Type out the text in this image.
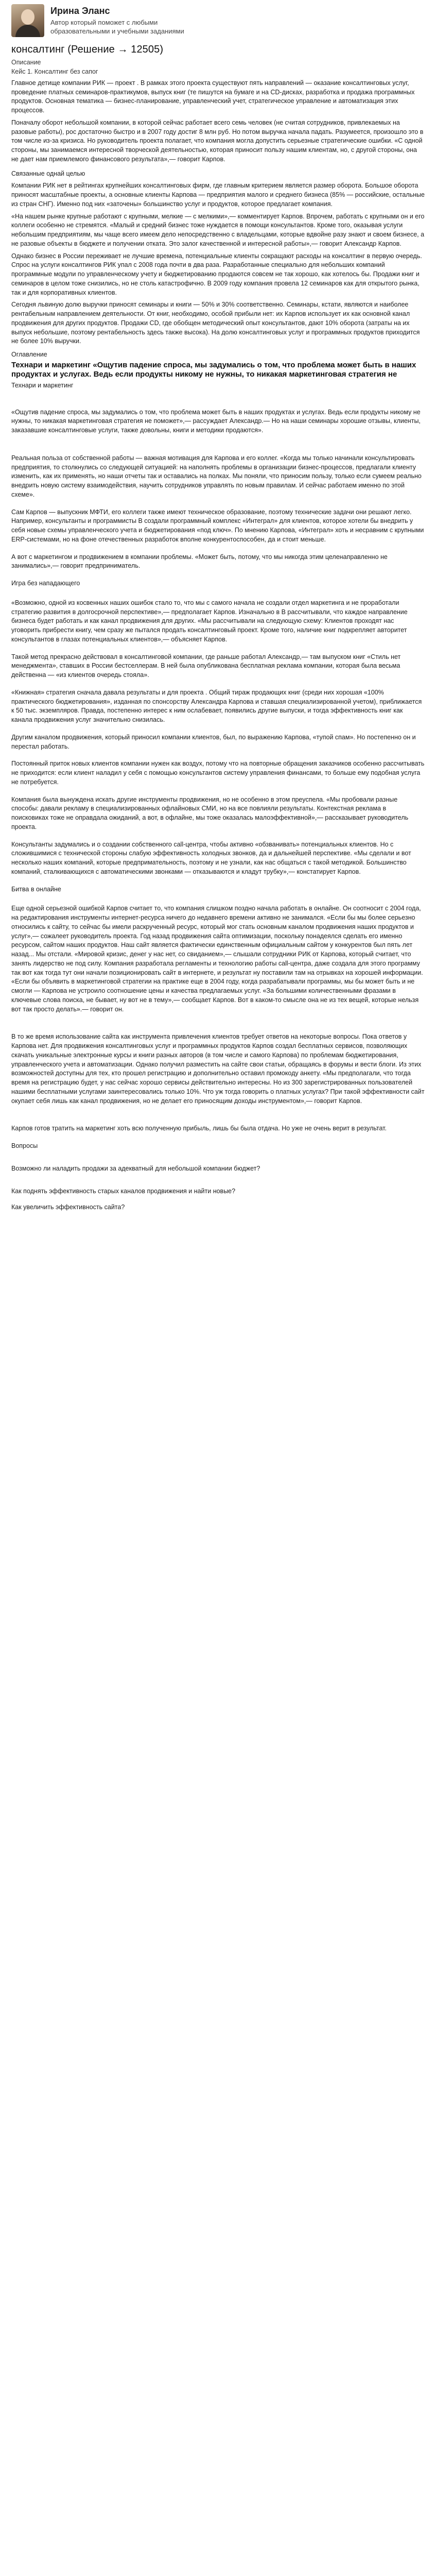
Ирина Эланс
Автор который поможет с любыми образовательными и учебными заданиями
консалтинг (Решение → 12505)
Описание
Кейс 1. Консалтинг без сапог

Главное детище компании РИК — проект . В рамках этого проекта существуют пять направлений — оказание консалтинговых услуг, проведение платных семинаров-практикумов, выпуск книг (те пишутся на бумаге и на CD-дисках, разработка и продажа программных продуктов. Основная тематика — бизнес-планирование, управленческий учет, стратегическое управление и автоматизация этих процессов.

Поначалу оборот небольшой компании, в которой сейчас работает всего семь человек (не считая сотрудников, привлекаемых на разовые работы), рос достаточно быстро и в 2007 году достиг 8 млн руб. Но потом выручка начала падать. Разумеется, произошло это в том числе из-за кризиса. Но руководитель проекта полагает, что компания могла допустить серьезные стратегические ошибки. «С одной стороны, мы занимаемся интересной творческой деятельностью, которая приносит пользу нашим клиентам, но, с другой стороны, она не дает нам приемлемого финансового результата»,— говорит Карпов.

Связанные однай целью

Компании РИК нет в рейтингах крупнейших консалтинговых фирм, где главным критерием является размер оборота. Большое оборота приносят масштабные проекты, а основные клиенты Карпова — предприятия малого и среднего бизнеса (85% — российские, остальные из стран СНГ). Именно под них «заточены» большинство услуг и продуктов, которое предлагает компания.

«На нашем рынке крупные работают с крупными, мелкие — с мелкими»,— комментирует Карпов. Впрочем, работать с крупными он и его коллеги особенно не стремятся. «Малый и средний бизнес тоже нуждается в помощи консультантов. Кроме того, оказывая услуги небольшим предприятиям, мы чаще всего имеем дело непосредственно с владельцами, которые вдвойне разу знают и своем бизнесе, а не разовые объекты в бюджете и получении отката. Это залог качественной и интересной работы»,— говорит Александр Карпов.

Однако бизнес в России переживает не лучшие времена, потенциальные клиенты сокращают расходы на консалтинг в первую очередь. Спрос на услуги консалтингов РИК упал с 2008 года почти в два раза. Разработанные специально для небольших компаний программные модули по управленческому учету и бюджетированию продаются совсем не так хорошо, как хотелось бы. Продажи книг и семинаров в целом тоже снизились, но не столь катастрофично. В 2009 году компания провела 12 семинаров как для открытого рынка, так и для корпоративных клиентов.

Сегодня львиную долю выручки приносят семинары и книги — 50% и 30% соответственно. Семинары, кстати, являются и наиболее рентабельным направлением деятельности. От книг, необходимо, особой прибыли нет: их Карпов использует их как основной канал продвижения для других продуктов. Продажи CD, где обобщен методический опыт консультантов, дают 10% оборота (затраты на их выпуск небольшие, поэтому рентабельность здесь также высока). На долю консалтинговых услуг и программных продуктов приходится не более 10% выручки.

Оглавление
Технари и маркетинг «Ощутив падение спроса, мы задумались о том, что проблема может быть в наших продуктах и услугах. Ведь если продукты никому не нужны, то никакая маркетинговая стратегия не
Технари и маркетинг

«Ощутив падение спроса, мы задумались о том, что проблема может быть в наших продуктах и услугах. Ведь если продукты никому не нужны, то никакая маркетинговая стратегия не поможет»,— рассуждает Александр.— Но на наши семинары хорошие отзывы, клиенты, заказавшие консалтинговые услуги, также довольны, книги и методики продаются».

Реальная польза от собственной работы — важная мотивация для Карпова и его коллег. «Когда мы только начинали консультировать предприятия, то столкнулись со следующей ситуацией: на наполнять проблемы в организации бизнес-процессов, предлагали клиенту изменить, как их применять, но наши отчеты так и оставались на полках. Мы поняли, что приносим пользу, только если сумеем реально внедрить новую систему взаимодействия, научить сотрудников управлять по новым правилам. И сейчас работаем именно по этой схеме».

Сам Карпов — выпускник МФТИ, его коллеги также имеют техническое образование, поэтому технические задачи они решают легко. Например, консультанты и программисты В создали программный комплекс «Интеграл» для клиентов, которое хотели бы внедрить у себя новые схемы управленческого учета и бюджетирования «под ключ». По мнению Карпова, «Интеграл» хоть и несравним с крупными ERP-системами, но на фоне отечественных разработок вполне конкурентоспособен, да и стоит меньше.

А вот с маркетингом и продвижением в компании проблемы. «Может быть, потому, что мы никогда этим целенаправленно не занимались»,— говорит предприниматель.

Игра без нападающего

«Возможно, одной из косвенных наших ошибок стало то, что мы с самого начала не создали отдел маркетинга и не проработали стратегию развития в долгосрочной перспективе»,— предполагает Карпов. Изначально в В рассчитывали, что каждое направление бизнеса будет работать и как канал продвижения для других. «Мы рассчитывали на следующую схему: Клиентов проходят нас уговорить прибрести книгу, чем сразу же пытался продать консалтинговый проект. Кроме того, наличие книг подкрепляет авторитет консультантов в глазах потенциальных клиентов»,— объясняет Карпов.

Такой метод прекрасно действовал в консалтинговой компании, где раньше работал Александр,— там выпуском книг «Стиль нет менеджмента», ставших в России бестселлерам. В ней была опубликована бесплатная реклама компании, которая была весьма действенна — «из клиентов очередь стояла».

«Книжная» стратегия сначала давала результаты и для проекта . Общий тираж продающих книг (среди них хорошая «100% практического бюджетирования», изданная по спонсорству Александра Карпова и ставшая специализированной учетом), приближается к 50 тыс. экземпляров. Правда, постепенно интерес к ним ослабевает, появились другие выпуски, и тогда эффективность книг как канала продвижения услуг значительно снизилась.

Другим каналом продвижения, который приносил компании клиентов, был, по выражению Карпова, «тупой спам». Но постепенно он и перестал работать.

Постоянный приток новых клиентов компании нужен как воздух, потому что на повторные обращения заказчиков особенно рассчитывать не приходится: если клиент наладил у себя с помощью консультантов систему управления финансами, то больше ему подобная услуга не потребуется.

Компания была вынуждена искать другие инструменты продвижения, но не особенно в этом преуспела. «Мы пробовали разные способы: давали рекламу в специализированных офлайновых СМИ, но на все повлияли результаты. Контекстная реклама в поисковиках тоже не оправдала ожиданий, а вот, в офлайне, мы тоже оказалась малоэффективной»,— рассказывает руководитель проекта.

Консультанты задумались и о создании собственного call-центра, чтобы активно «обзванивать» потенциальных клиентов. Но с сложившимися с технической стороны слабую эффективность холодных звонков, да и дальнейшей перспективе. «Мы сделали и вот несколько наших компаний, которые предпримательность, поэтому и не узнали, как нас общаться с такой методикой. Большинство компаний, сталкивающихся с автоматическими звонками — отказываются и кладут трубку»,— констатирует Карпов.

Битва в онлайне

Еще одной серьезной ошибкой Карпов считает то, что компания слишком поздно начала работать в онлайне. Он соотносит с 2004 года, на редактирования инструменты интернет-ресурса ничего до недавнего времени активно не занимался. «Если бы мы более серьезно относились к сайту, то сейчас бы имели раскрученный ресурс, который мог стать основным каналом продвижения наших продуктов и услуг»,— сожалеет руководитель проекта. Год назад продвижения сайта оптимизации, поскольку понадеялся сделать его именно ресурсом, сайтом наших продуктов. Наш сайт является фактически единственным официальным сайтом у конкурентов был пять лет назад... Мы отстали. «Мировой кризис, денег у нас нет, со свиданием»,— слышали сотрудники РИК от Карпова, который считает, что занять лидерство не под силу. Компания разработала регламенты и технологию работы call-центра, даже создала для этого программу так вот как тогда тут они начали позиционировать сайт в интернете, и результат ну поставили там на отрывках на хорошей информации. «Если бы объявить в маркетинговой стратегии на практике еще в 2004 году, когда разрабатывали программы, мы бы может быть и не смогли — Карпова не устроило соотношение цены и качества предлагаемых услуг. «За большими количественными фразами в ключевые слова поиска, не бывает, ну вот не в тему»,— сообщает Карпов. Вот в каком-то смысле она не из тех вещей, которые нельзя вот так просто делать».— говорит он.

В то же время использование сайта как инструмента привлечения клиентов требует ответов на некоторые вопросы. Пока ответов у Карпова нет. Для продвижения консалтинговых услуг и программных продуктов Карпов создал бесплатных сервисов, позволяющих скачать уникальные электронные курсы и книги разных авторов (в том числе и самого Карпова) по проблемам бюджетирования, управленческого учета и автоматизации. Однако получил разместить на сайте свои статьи, обращаясь в форумы и вести блоги. Из этих возможностей доступны для тех, кто прошел регистрацию и дополнительно оставил промокоду анкету. «Мы предполагали, что тогда время на регистрацию будет, у нас сейчас хорошо сервисы действительно интересны. Но из 300 зарегистрированных пользователей нашими бесплатными услугами заинтересовались только 10%. Что уж тогда говорить о платных услугах? При такой эффективности сайт окупает себя лишь как канал продвижения, но не делает его приносящим доходы инструментом»,— говорит Карпов.

Карпов готов тратить на маркетинг хоть всю полученную прибыль, лишь бы была отдача. Но уже не очень верит в результат.

Вопросы

Возможно ли наладить продажи за адекватный для небольшой компании бюджет?

Как поднять эффективность старых каналов продвижения и найти новые?

Как увеличить эффективность сайта?
